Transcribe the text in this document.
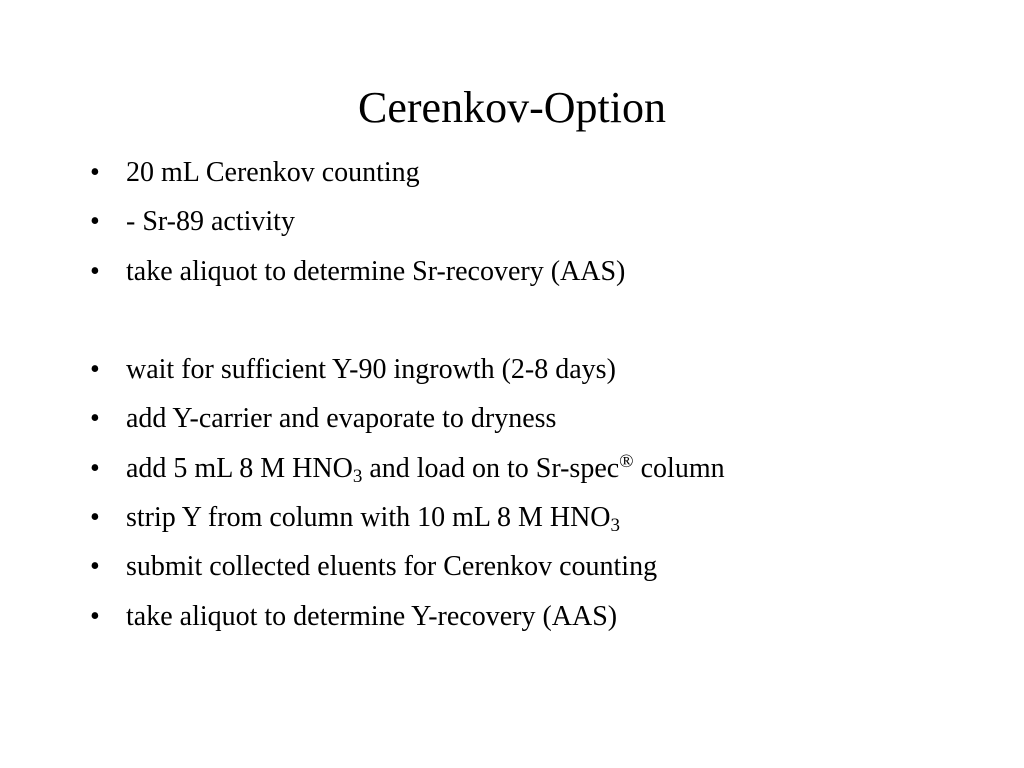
Cerenkov-Option
• 20 mL Cerenkov counting
• - Sr-89 activity
• take aliquot to determine Sr-recovery (AAS)
• wait for sufficient Y-90 ingrowth (2-8 days)
• add Y-carrier and evaporate to dryness
• add 5 mL 8 M $HNO_3$ and load on to Sr-spec® column
• strip Y from column with 10 mL 8 M $HNO_3$
• submit collected eluents for Cerenkov counting
• take aliquot to determine Y-recovery (AAS)
